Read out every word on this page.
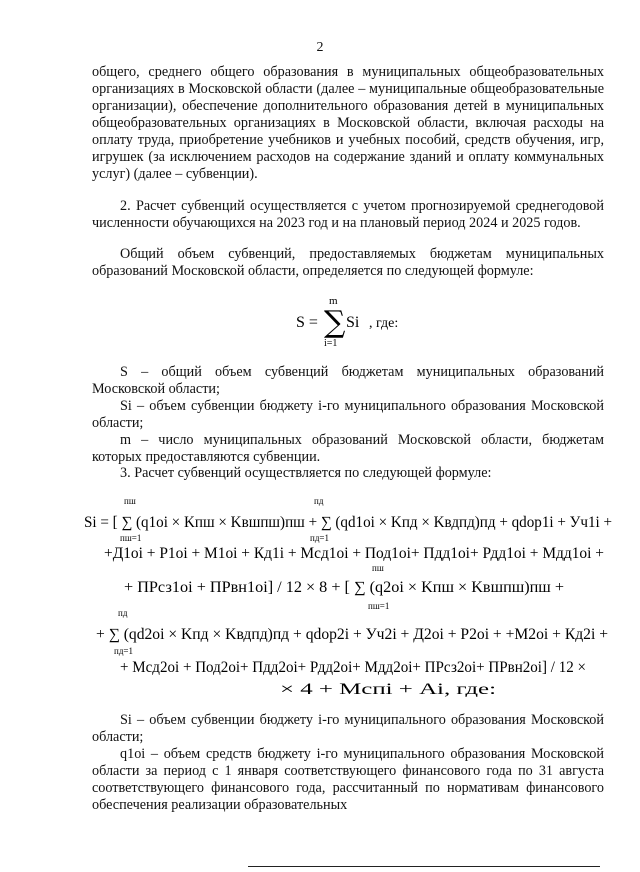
2

общего, среднего общего образования в муниципальных общеобразовательных организациях в Московской области (далее – муниципальные общеобразовательные организации), обеспечение дополнительного образования детей в муниципальных общеобразовательных организациях в Московской области, включая расходы на оплату труда, приобретение учебников и учебных пособий, средств обучения, игр, игрушек (за исключением расходов на содержание зданий и оплату коммунальных услуг) (далее – субвенции).

2. Расчет субвенций осуществляется с учетом прогнозируемой среднегодовой численности обучающихся на 2023 год и на плановый период 2024 и 2025 годов.

Общий объем субвенций, предоставляемых бюджетам муниципальных образований Московской области, определяется по следующей формуле:

S = ∑
m
i=1
Si , где:

S – общий объем субвенций бюджетам муниципальных образований Московской области;

Si – объем субвенции бюджету i-го муниципального образования Московской области;

m – число муниципальных образований Московской области, бюджетам которых предоставляются субвенции.

3. Расчет субвенций осуществляется по следующей формуле:

пш
пш=1
пд
пд=1
Si = [ ∑ (q1oi × Kпш × Kвшпш)пш + ∑ (qd1oi × Kпд × Kвдпд)пд + qdop1i + Уч1i +
+Д1oi + Р1oi + М1oi + Кд1i + Мсд1oi + Под1oi+ Пдд1oi+ Рдд1oi + Мдд1oi +
пш
пш=1
+ ПРсз1oi + ПРвн1oi] / 12 × 8 + [ ∑ (q2oi × Kпш × Kвшпш)пш +
пд
пд=1
+ ∑ (qd2oi × Kпд × Kвдпд)пд + qdop2i + Уч2i + Д2oi + Р2oi + +М2oi + Кд2i +
+ Мсд2oi + Под2oi+ Пдд2oi+ Рдд2oi+ Мдд2oi+ ПРсз2oi+ ПРвн2oi] / 12 ×
× 4 + Мспi + Аi, где:

Si – объем субвенции бюджету i-го муниципального образования Московской области;

q1oi – объем средств бюджету i-го муниципального образования Московской области за период с 1 января соответствующего финансового года по 31 августа соответствующего финансового года, рассчитанный по нормативам финансового обеспечения реализации образовательных
